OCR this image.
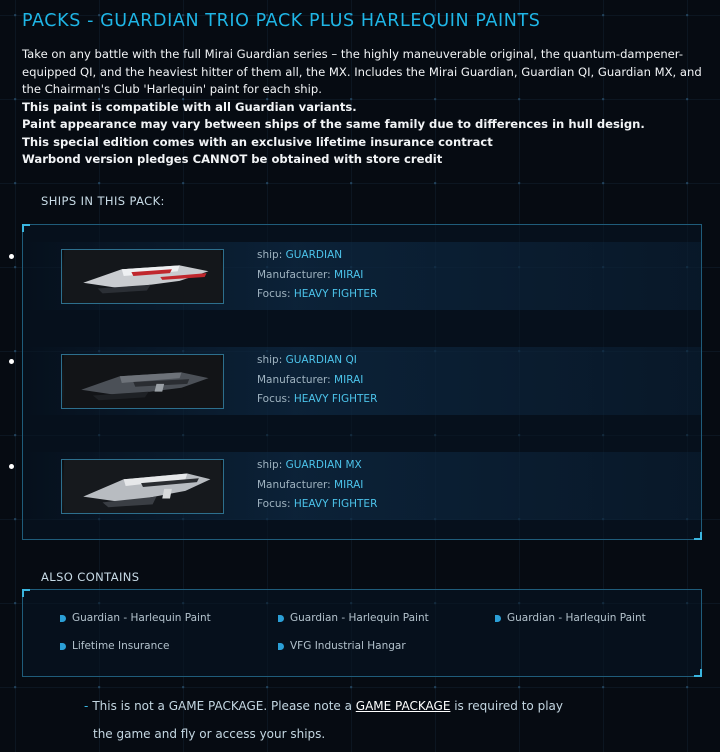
PACKS - GUARDIAN TRIO PACK PLUS HARLEQUIN PAINTS

Take on any battle with the full Mirai Guardian series – the highly maneuverable original, the quantum-dampener-equipped QI, and the heaviest hitter of them all, the MX. Includes the Mirai Guardian, Guardian QI, Guardian MX, and the Chairman's Club 'Harlequin' paint for each ship.

This paint is compatible with all Guardian variants.

Paint appearance may vary between ships of the same family due to differences in hull design.

This special edition comes with an exclusive lifetime insurance contract

Warbond version pledges CANNOT be obtained with store credit

SHIPS IN THIS PACK:
ship: GUARDIAN
Manufacturer: MIRAI
Focus: HEAVY FIGHTER
ship: GUARDIAN QI
Manufacturer: MIRAI
Focus: HEAVY FIGHTER
ship: GUARDIAN MX
Manufacturer: MIRAI
Focus: HEAVY FIGHTER
ALSO CONTAINS
Guardian - Harlequin Paint	Guardian - Harlequin Paint	Guardian - Harlequin Paint
Lifetime Insurance	VFG Industrial Hangar
- This is not a GAME PACKAGE. Please note a GAME PACKAGE is required to play
the game and fly or access your ships.
